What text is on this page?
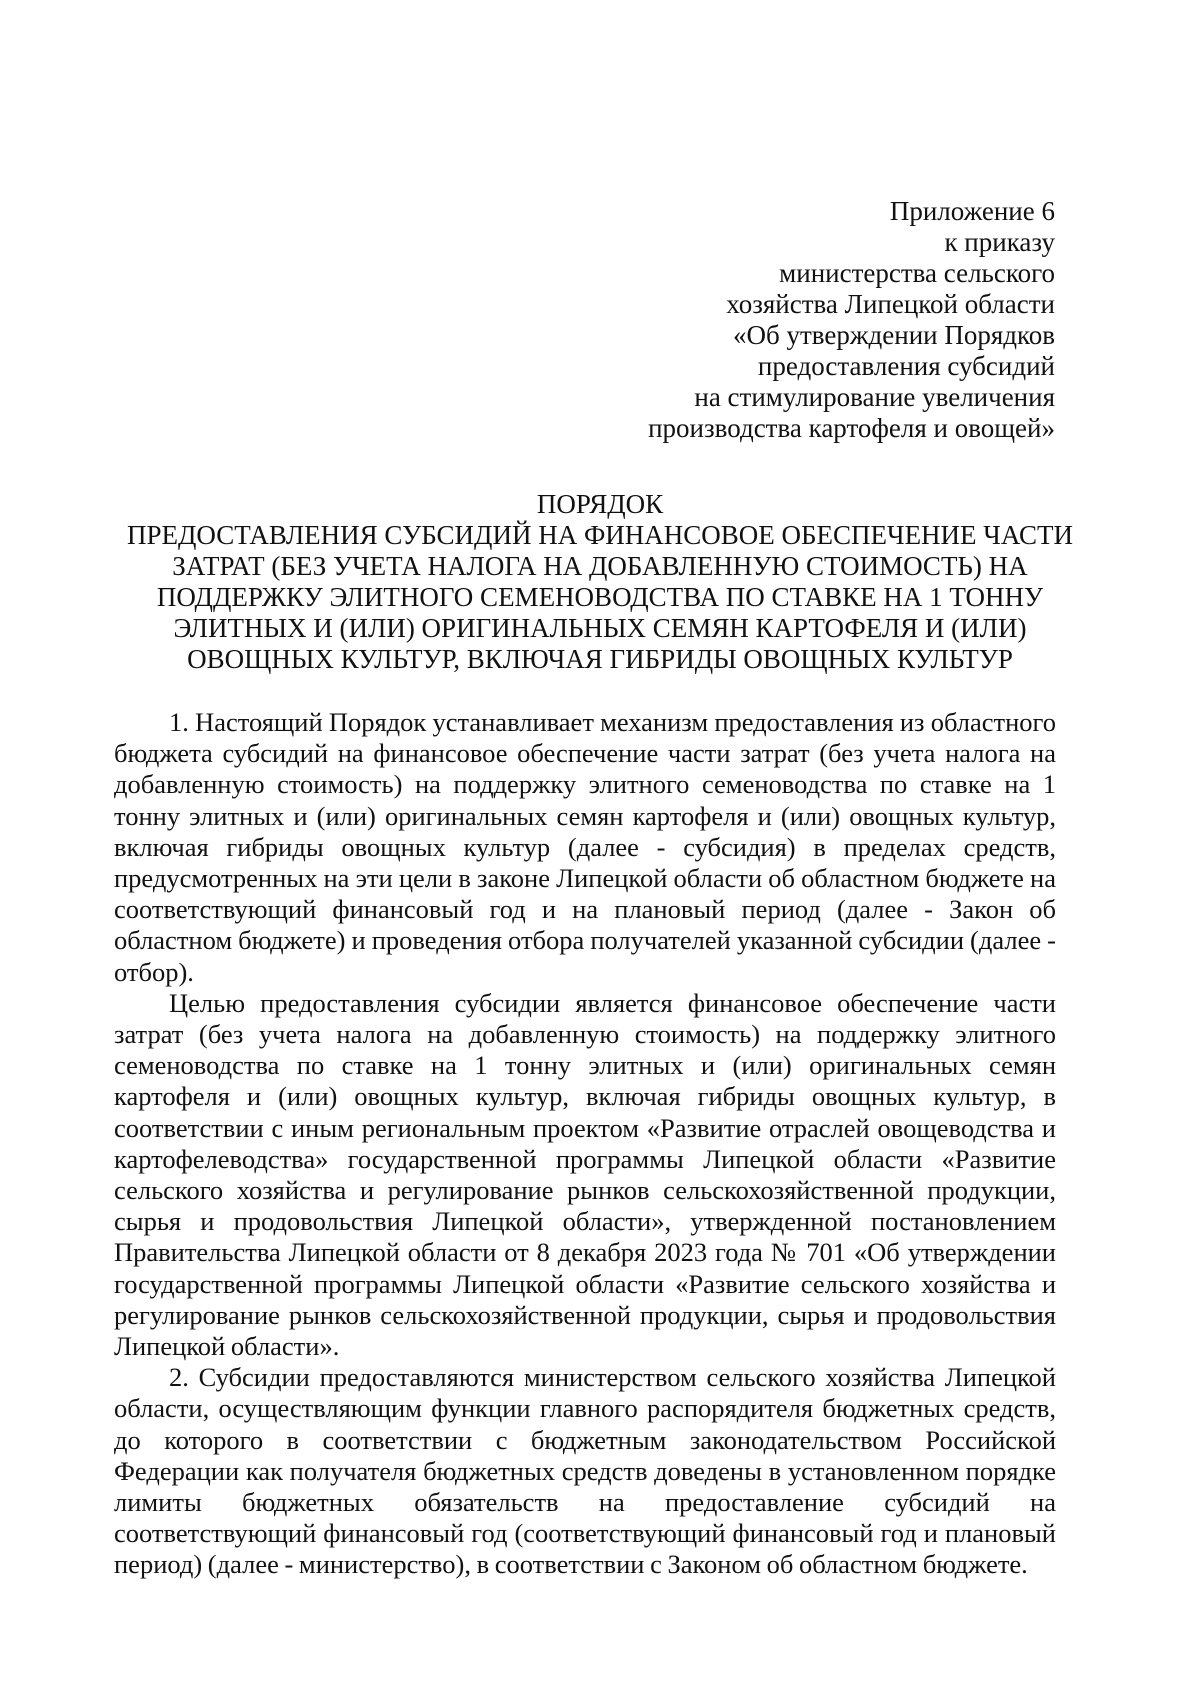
Приложение 6
к приказу
министерства сельского
хозяйства Липецкой области
«Об утверждении Порядков
предоставления субсидий
на стимулирование увеличения
производства картофеля и овощей»
ПОРЯДОК
ПРЕДОСТАВЛЕНИЯ СУБСИДИЙ НА ФИНАНСОВОЕ ОБЕСПЕЧЕНИЕ ЧАСТИ
ЗАТРАТ (БЕЗ УЧЕТА НАЛОГА НА ДОБАВЛЕННУЮ СТОИМОСТЬ) НА
ПОДДЕРЖКУ ЭЛИТНОГО СЕМЕНОВОДСТВА ПО СТАВКЕ НА 1 ТОННУ
ЭЛИТНЫХ И (ИЛИ) ОРИГИНАЛЬНЫХ СЕМЯН КАРТОФЕЛЯ И (ИЛИ)
ОВОЩНЫХ КУЛЬТУР, ВКЛЮЧАЯ ГИБРИДЫ ОВОЩНЫХ КУЛЬТУР

1. Настоящий Порядок устанавливает механизм предоставления из областного бюджета субсидий на финансовое обеспечение части затрат (без учета налога на добавленную стоимость) на поддержку элитного семеноводства по ставке на 1 тонну элитных и (или) оригинальных семян картофеля и (или) овощных культур, включая гибриды овощных культур (далее - субсидия) в пределах средств, предусмотренных на эти цели в законе Липецкой области об областном бюджете на соответствующий финансовый год и на плановый период (далее - Закон об областном бюджете) и проведения отбора получателей указанной субсидии (далее - отбор).

Целью предоставления субсидии является финансовое обеспечение части затрат (без учета налога на добавленную стоимость) на поддержку элитного семеноводства по ставке на 1 тонну элитных и (или) оригинальных семян картофеля и (или) овощных культур, включая гибриды овощных культур, в соответствии с иным региональным проектом «Развитие отраслей овощеводства и картофелеводства» государственной программы Липецкой области «Развитие сельского хозяйства и регулирование рынков сельскохозяйственной продукции, сырья и продовольствия Липецкой области», утвержденной постановлением Правительства Липецкой области от 8 декабря 2023 года № 701 «Об утверждении государственной программы Липецкой области «Развитие сельского хозяйства и регулирование рынков сельскохозяйственной продукции, сырья и продовольствия Липецкой области».

2. Субсидии предоставляются министерством сельского хозяйства Липецкой области, осуществляющим функции главного распорядителя бюджетных средств, до которого в соответствии с бюджетным законодательством Российской Федерации как получателя бюджетных средств доведены в установленном порядке лимиты бюджетных обязательств на предоставление субсидий на соответствующий финансовый год (соответствующий финансовый год и плановый период) (далее - министерство), в соответствии с Законом об областном бюджете.
